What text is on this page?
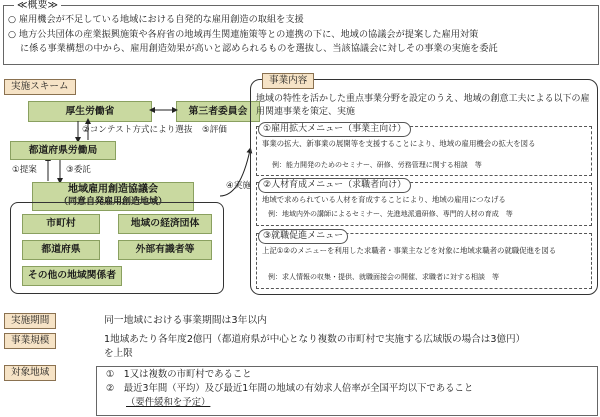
≪概要≫
○ 雇用機会が不足している地域における自発的な雇用創造の取組を支援
○ 地方公共団体の産業振興施策や各府省の地域再生関連施策等との連携の下に、地域の協議会が提案した雇用対策
に係る事業構想の中から、雇用創造効果が高いと認められるものを選抜し、当該協議会に対しその事業の実施を委託
実施スキーム
厚生労働省	第三者委員会
②コンテスト方式により選抜 ⑤評価
都道府県労働局
①提案	③委託
④実施
地域雇用創造協議会
（同意自発雇用創造地域）
市町村	地域の経済団体
都道府県	外部有識者等
その他の地域関係者
事業内容
地域の特性を活かした重点事業分野を設定のうえ、地域の創意工夫による以下の雇用関連事業を策定、実施
①雇用拡大メニュー（事業主向け）
事業の拡大、新事業の展開等を支援することにより、地域の雇用機会の拡大を図る
例：能力開発のためのセミナー、研修、労務管理に関する相談　等
②人材育成メニュー（求職者向け）
地域で求められている人材を育成することにより、地域の雇用につなげる
例：地域内外の講師によるセミナー、先進地派遣研修、専門的人材の育成　等
③就職促進メニュー
上記①②のメニューを利用した求職者・事業主などを対象に地域求職者の就職促進を図る
例：求人情報の収集・提供、就職面接会の開催、求職者に対する相談　等
実施期間	同一地域における事業期間は3年以内
事業規模	1地域あたり各年度2億円（都道府県が中心となり複数の市町村で実施する広域版の場合は3億円）
を上限
対象地域	①　1又は複数の市町村であること
②　最近3年間（平均）及び最近1年間の地域の有効求人倍率が全国平均以下であること
（要件緩和を予定）
